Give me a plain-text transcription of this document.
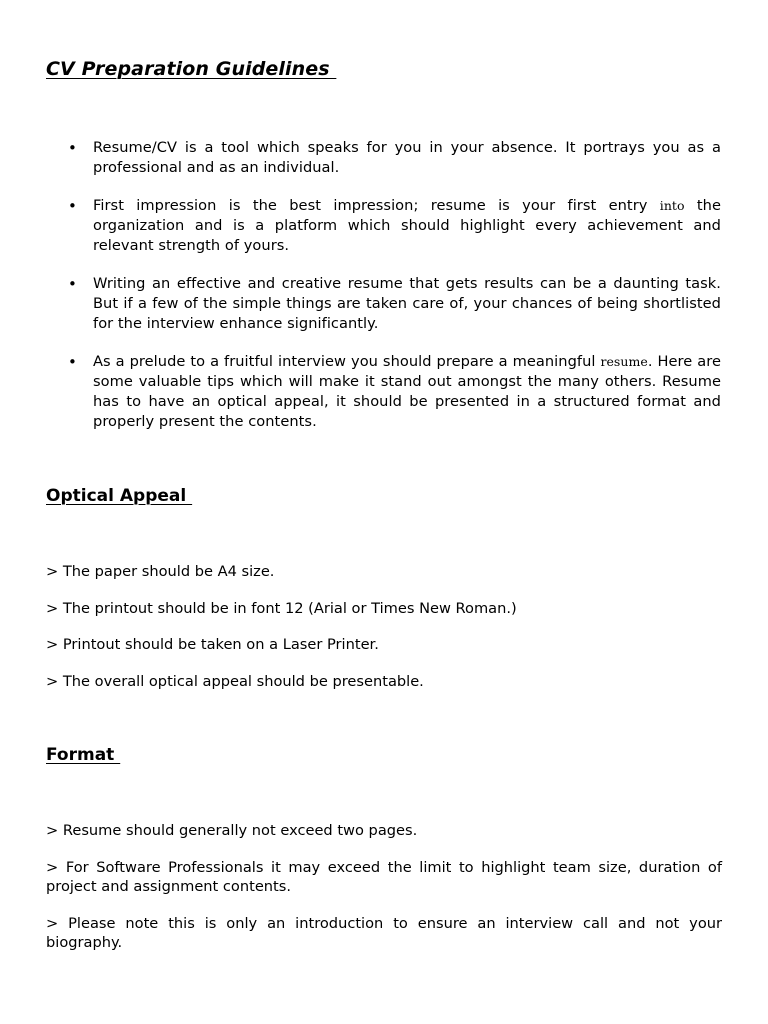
CV Preparation Guidelines
• Resume/CV is a tool which speaks for you in your absence. It portrays you as a professional and as an individual.
• First impression is the best impression; resume is your first entry into the organization and is a platform which should highlight every achievement and relevant strength of yours.
• Writing an effective and creative resume that gets results can be a daunting task. But if a few of the simple things are taken care of, your chances of being shortlisted for the interview enhance significantly.
• As a prelude to a fruitful interview you should prepare a meaningful resume. Here are some valuable tips which will make it stand out amongst the many others. Resume has to have an optical appeal, it should be presented in a structured format and properly present the contents.
Optical Appeal
> The paper should be A4 size.
> The printout should be in font 12 (Arial or Times New Roman.)
> Printout should be taken on a Laser Printer.
> The overall optical appeal should be presentable.
Format
> Resume should generally not exceed two pages.
> For Software Professionals it may exceed the limit to highlight team size, duration of project and assignment contents.
> Please note this is only an introduction to ensure an interview call and not your biography.
